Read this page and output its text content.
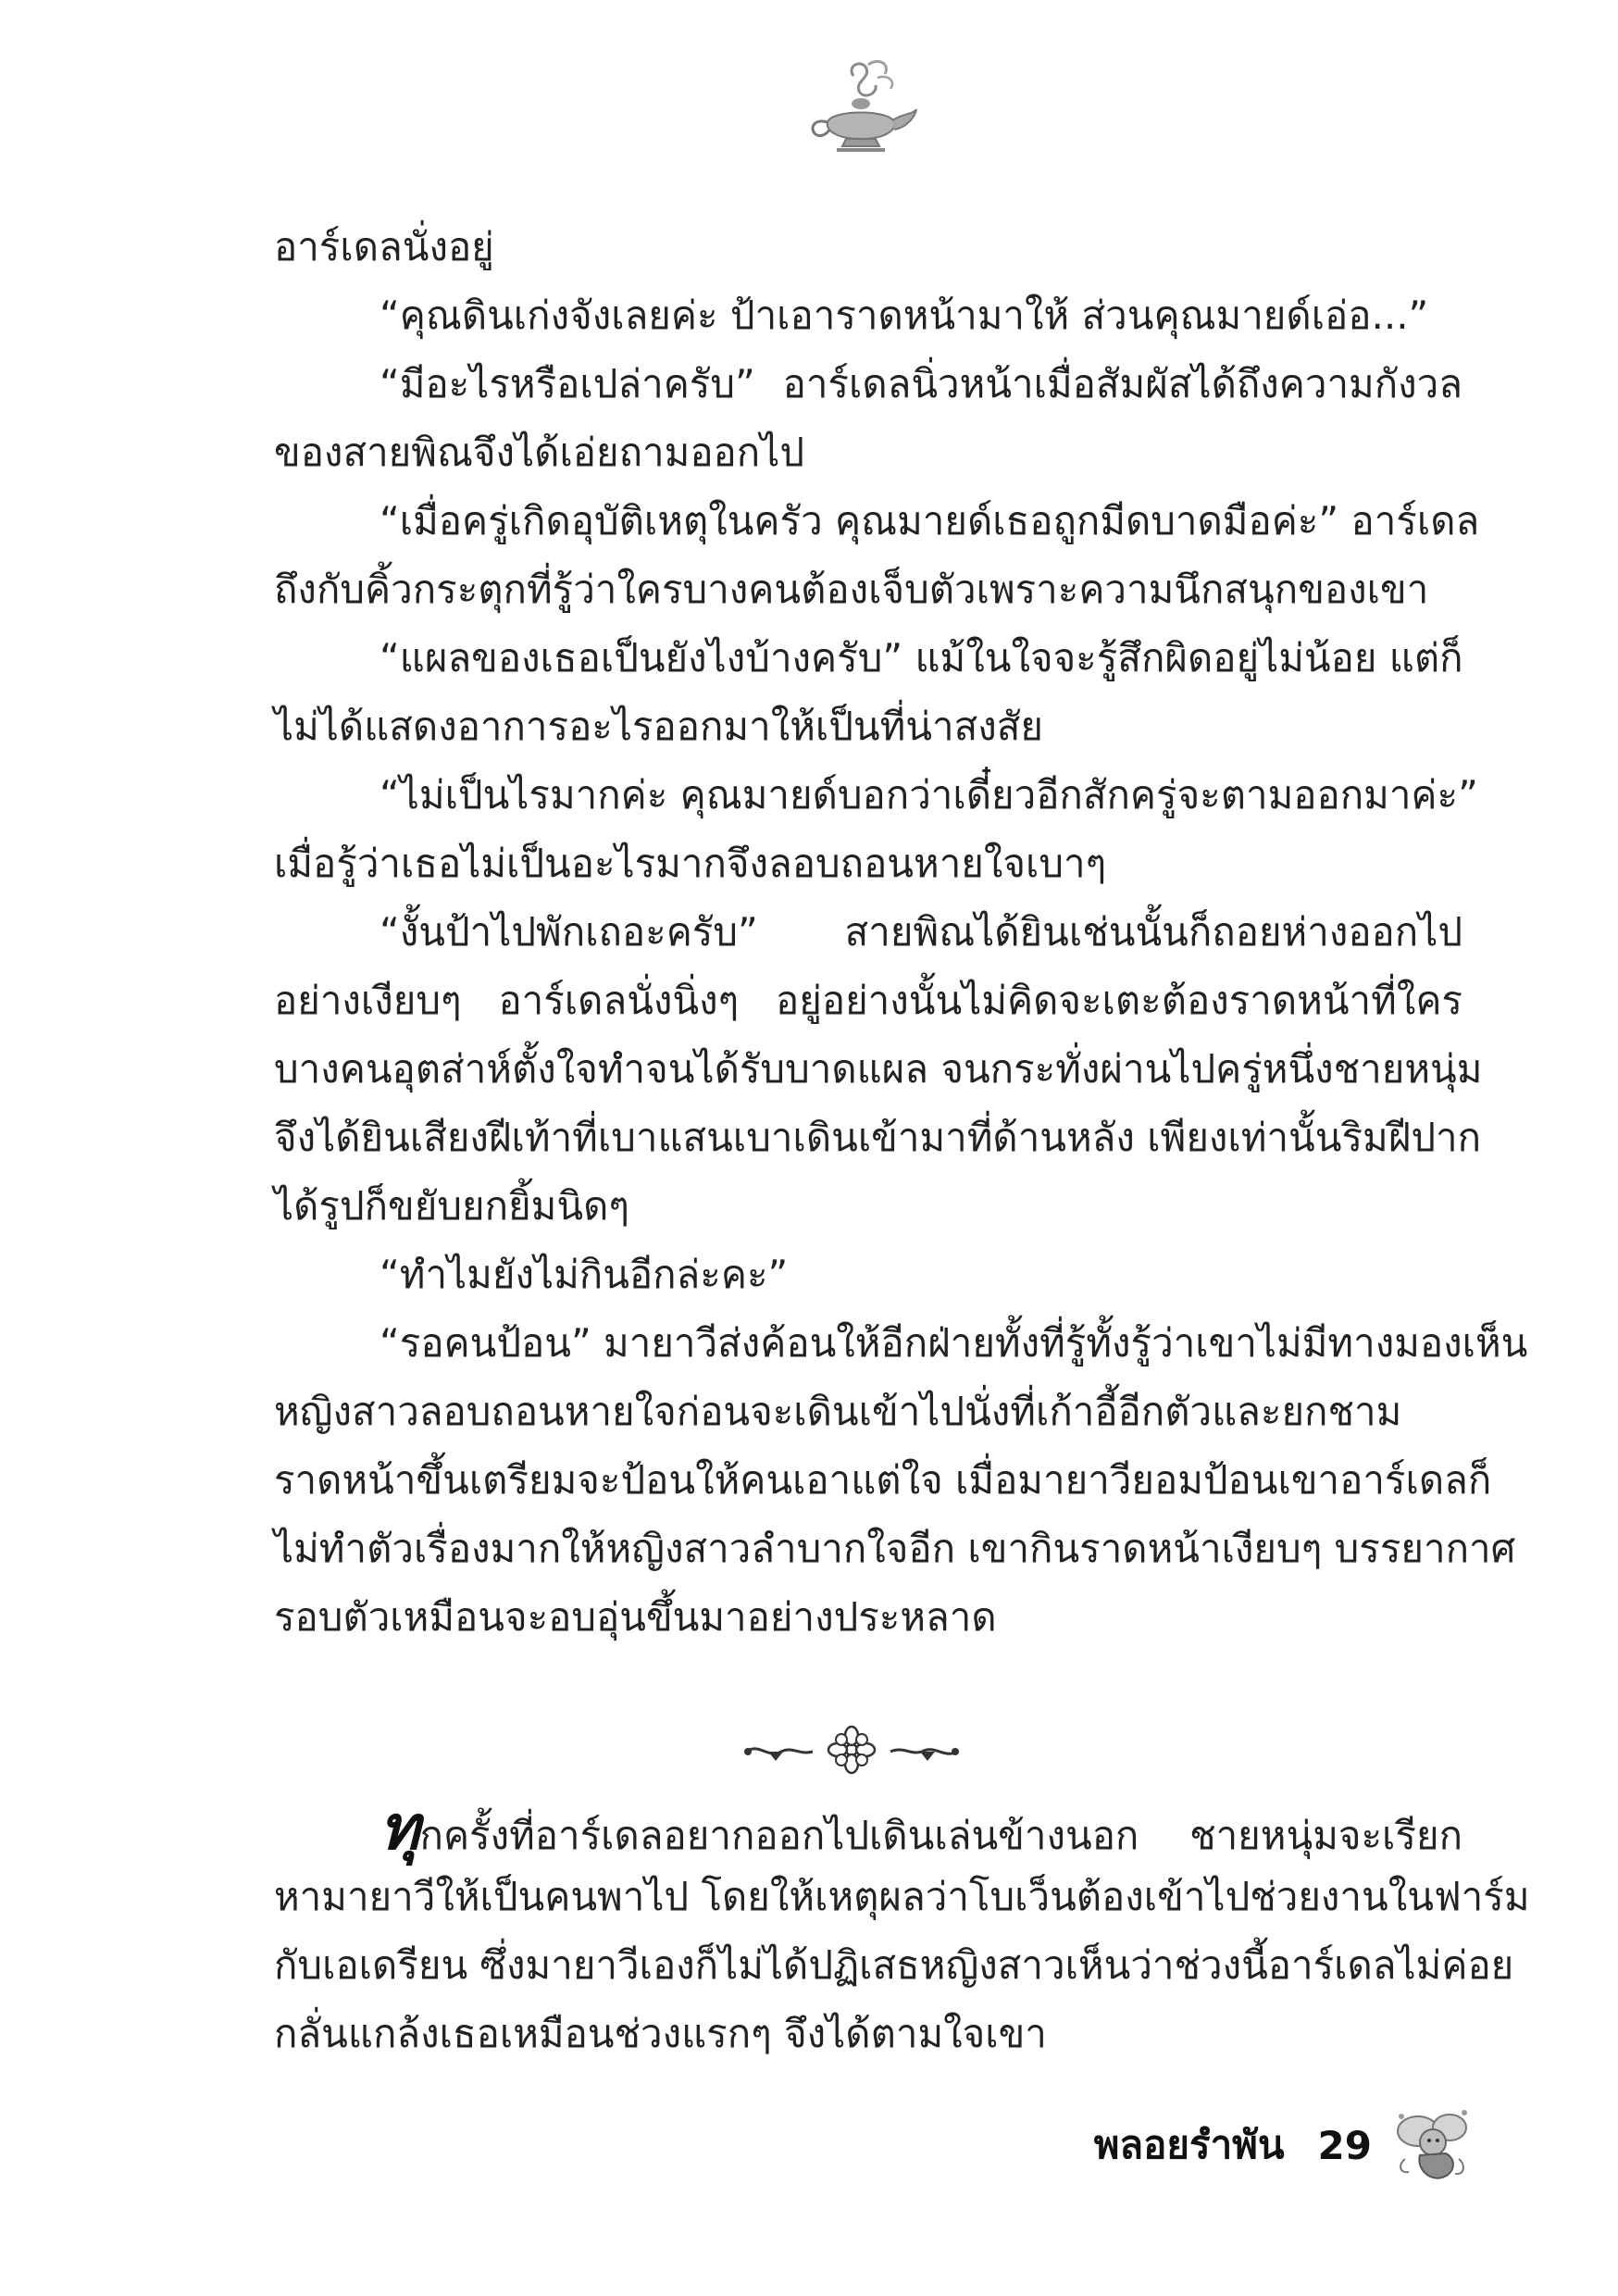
อาร์เดลนั่งอยู่
“คุณดินเก่งจังเลยค่ะ ป้าเอาราดหน้ามาให้ ส่วนคุณมายด์เอ่อ...”
“มีอะไรหรือเปล่าครับ” อาร์เดลนิ่วหน้าเมื่อสัมผัสได้ถึงความกังวล
ของสายพิณจึงได้เอ่ยถามออกไป
“เมื่อครู่เกิดอุบัติเหตุในครัว คุณมายด์เธอถูกมีดบาดมือค่ะ” อาร์เดล
ถึงกับคิ้วกระตุกที่รู้ว่าใครบางคนต้องเจ็บตัวเพราะความนึกสนุกของเขา
“แผลของเธอเป็นยังไงบ้างครับ” แม้ในใจจะรู้สึกผิดอยู่ไม่น้อย แต่ก็
ไม่ได้แสดงอาการอะไรออกมาให้เป็นที่น่าสงสัย
“ไม่เป็นไรมากค่ะ คุณมายด์บอกว่าเดี๋ยวอีกสักครู่จะตามออกมาค่ะ”
เมื่อรู้ว่าเธอไม่เป็นอะไรมากจึงลอบถอนหายใจเบาๆ
“งั้นป้าไปพักเถอะครับ” สายพิณได้ยินเช่นนั้นก็ถอยห่างออกไป
อย่างเงียบๆ อาร์เดลนั่งนิ่งๆ อยู่อย่างนั้นไม่คิดจะเตะต้องราดหน้าที่ใคร
บางคนอุตส่าห์ตั้งใจทำจนได้รับบาดแผล จนกระทั่งผ่านไปครู่หนึ่งชายหนุ่ม
จึงได้ยินเสียงฝีเท้าที่เบาแสนเบาเดินเข้ามาที่ด้านหลัง เพียงเท่านั้นริมฝีปาก
ได้รูปก็ขยับยกยิ้มนิดๆ
“ทำไมยังไม่กินอีกล่ะคะ”
“รอคนป้อน” มายาวีส่งค้อนให้อีกฝ่ายทั้งที่รู้ทั้งรู้ว่าเขาไม่มีทางมองเห็น
หญิงสาวลอบถอนหายใจก่อนจะเดินเข้าไปนั่งที่เก้าอี้อีกตัวและยกชาม
ราดหน้าขึ้นเตรียมจะป้อนให้คนเอาแต่ใจ เมื่อมายาวียอมป้อนเขาอาร์เดลก็
ไม่ทำตัวเรื่องมากให้หญิงสาวลำบากใจอีก เขากินราดหน้าเงียบๆ บรรยากาศ
รอบตัวเหมือนจะอบอุ่นขึ้นมาอย่างประหลาด
ทุกครั้งที่อาร์เดลอยากออกไปเดินเล่นข้างนอก ชายหนุ่มจะเรียก
หามายาวีให้เป็นคนพาไป โดยให้เหตุผลว่าโบเว็นต้องเข้าไปช่วยงานในฟาร์ม
กับเอเดรียน ซึ่งมายาวีเองก็ไม่ได้ปฏิเสธหญิงสาวเห็นว่าช่วงนี้อาร์เดลไม่ค่อย
กลั่นแกล้งเธอเหมือนช่วงแรกๆ จึงได้ตามใจเขา
พลอยรำพัน 29
